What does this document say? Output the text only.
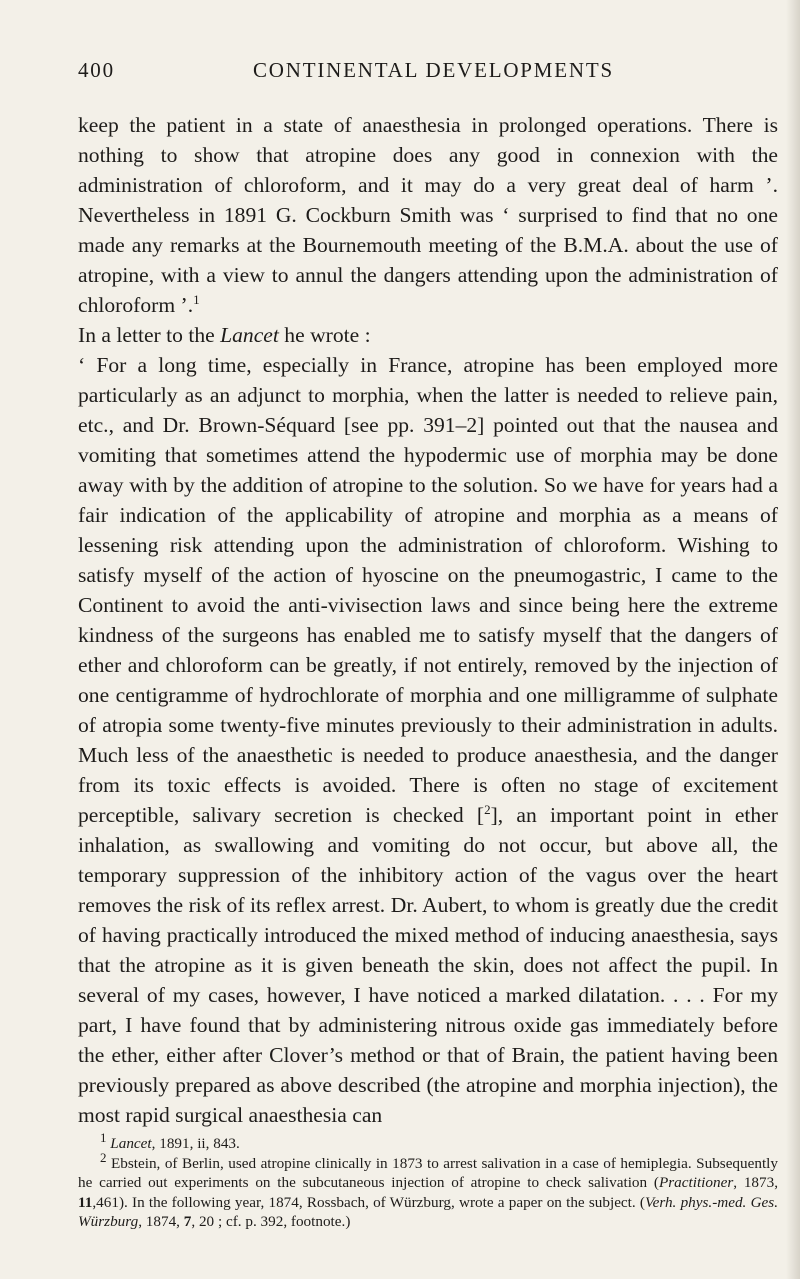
400	CONTINENTAL DEVELOPMENTS

keep the patient in a state of anaesthesia in prolonged operations. There is nothing to show that atropine does any good in connexion with the administration of chloroform, and it may do a very great deal of harm ’. Nevertheless in 1891 G. Cockburn Smith was ‘ surprised to find that no one made any remarks at the Bournemouth meeting of the B.M.A. about the use of atropine, with a view to annul the dangers attending upon the administration of chloroform ’.$^1$

In a letter to the Lancet he wrote :

‘ For a long time, especially in France, atropine has been employed more particularly as an adjunct to morphia, when the latter is needed to relieve pain, etc., and Dr. Brown-Séquard [see pp. 391–2] pointed out that the nausea and vomiting that sometimes attend the hypodermic use of morphia may be done away with by the addition of atropine to the solution. So we have for years had a fair indication of the applicability of atropine and morphia as a means of lessening risk attending upon the administration of chloroform. Wishing to satisfy myself of the action of hyoscine on the pneumogastric, I came to the Continent to avoid the anti-vivisection laws and since being here the extreme kindness of the surgeons has enabled me to satisfy myself that the dangers of ether and chloroform can be greatly, if not entirely, removed by the injection of one centigramme of hydrochlorate of morphia and one milligramme of sulphate of atropia some twenty-five minutes previously to their administration in adults. Much less of the anaesthetic is needed to produce anaesthesia, and the danger from its toxic effects is avoided. There is often no stage of excitement perceptible, salivary secretion is checked [$^2$], an important point in ether inhalation, as swallowing and vomiting do not occur, but above all, the temporary suppression of the inhibitory action of the vagus over the heart removes the risk of its reflex arrest. Dr. Aubert, to whom is greatly due the credit of having practically introduced the mixed method of inducing anaesthesia, says that the atropine as it is given beneath the skin, does not affect the pupil. In several of my cases, however, I have noticed a marked dilatation. . . . For my part, I have found that by administering nitrous oxide gas immediately before the ether, either after Clover’s method or that of Brain, the patient having been previously prepared as above described (the atropine and morphia injection), the most rapid surgical anaesthesia can

$^1$ Lancet, 1891, ii, 843.

$^2$ Ebstein, of Berlin, used atropine clinically in 1873 to arrest salivation in a case of hemiplegia. Subsequently he carried out experiments on the subcutaneous injection of atropine to check salivation (Practitioner, 1873, 11,461). In the following year, 1874, Rossbach, of Würzburg, wrote a paper on the subject. (Verh. phys.-med. Ges. Würzburg, 1874, 7, 20 ; cf. p. 392, footnote.)
